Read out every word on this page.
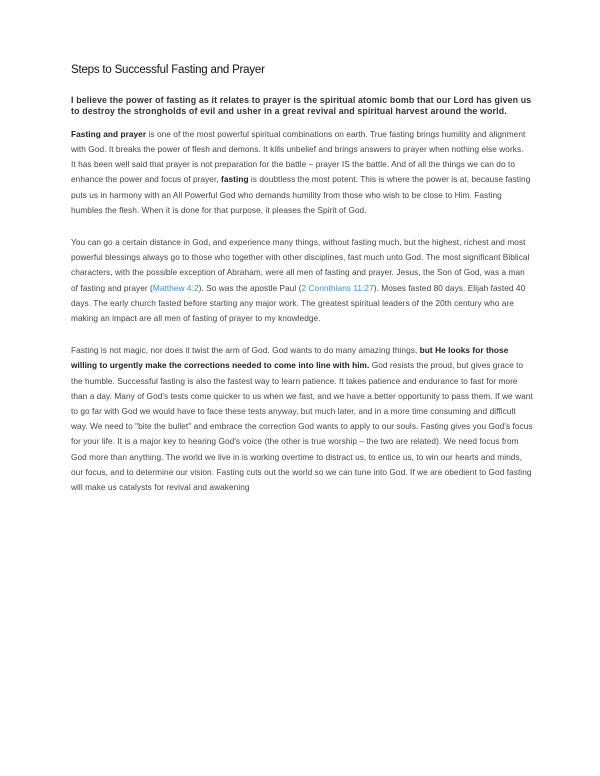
Steps to Successful Fasting and Prayer

I believe the power of fasting as it relates to prayer is the spiritual atomic bomb that our Lord has given us to destroy the strongholds of evil and usher in a great revival and spiritual harvest around the world.

Fasting and prayer is one of the most powerful spiritual combinations on earth. True fasting brings humility and alignment with God. It breaks the power of flesh and demons. It kills unbelief and brings answers to prayer when nothing else works.

It has been well said that prayer is not preparation for the battle – prayer IS the battle. And of all the things we can do to enhance the power and focus of prayer, fasting is doubtless the most potent. This is where the power is at, because fasting puts us in harmony with an All Powerful God who demands humility from those who wish to be close to Him. Fasting humbles the flesh. When it is done for that purpose, it pleases the Spirit of God.

You can go a certain distance in God, and experience many things, without fasting much, but the highest, richest and most powerful blessings always go to those who together with other disciplines, fast much unto God. The most significant Biblical characters, with the possible exception of Abraham, were all men of fasting and prayer. Jesus, the Son of God, was a man of fasting and prayer (Matthew 4:2). So was the apostle Paul (2 Corinthians 11:27). Moses fasted 80 days. Elijah fasted 40 days. The early church fasted before starting any major work. The greatest spiritual leaders of the 20th century who are making an impact are all men of fasting of prayer to my knowledge.

Fasting is not magic, nor does it twist the arm of God. God wants to do many amazing things, but He looks for those willing to urgently make the corrections needed to come into line with him. God resists the proud, but gives grace to the humble. Successful fasting is also the fastest way to learn patience. It takes patience and endurance to fast for more than a day. Many of God's tests come quicker to us when we fast, and we have a better opportunity to pass them. If we want to go far with God we would have to face these tests anyway, but much later, and in a more time consuming and difficult way. We need to "bite the bullet" and embrace the correction God wants to apply to our souls. Fasting gives you God's focus for your life. It is a major key to hearing God's voice (the other is true worship – the two are related). We need focus from God more than anything. The world we live in is working overtime to distract us, to entice us, to win our hearts and minds, our focus, and to determine our vision. Fasting cuts out the world so we can tune into God. If we are obedient to God fasting will make us catalysts for revival and awakening
